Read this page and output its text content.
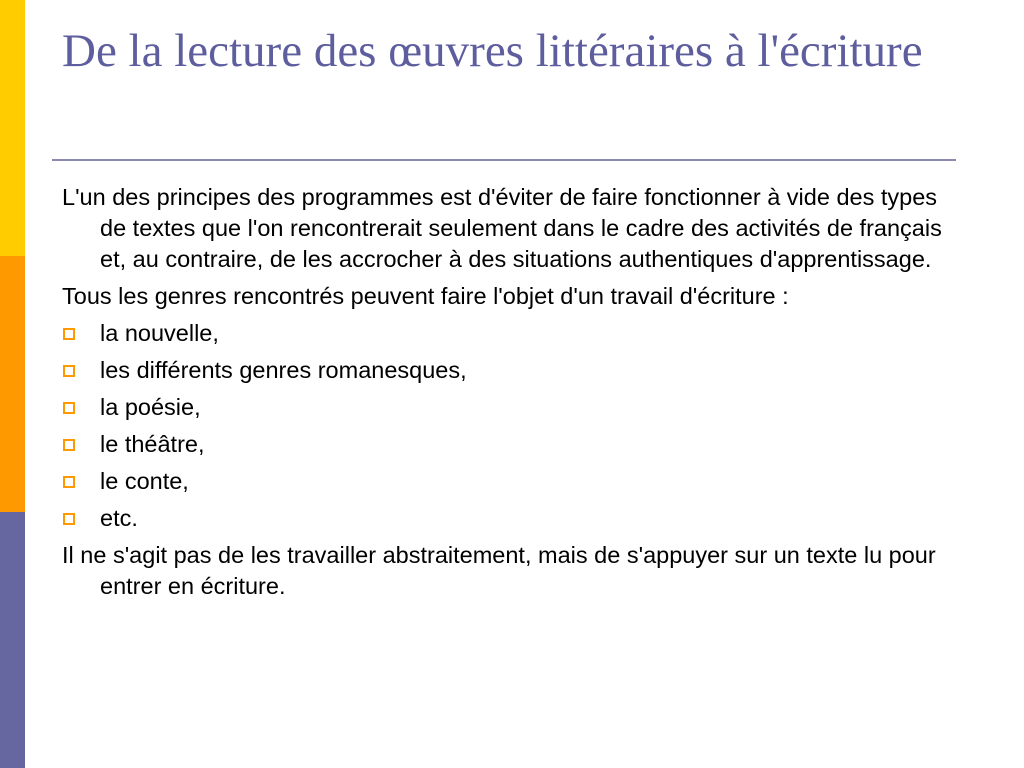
De la lecture des œuvres littéraires à l'écriture

L'un des principes des programmes est d'éviter de faire fonctionner à vide des types de textes que l'on rencontrerait seulement dans le cadre des activités de français et, au contraire, de les accrocher à des situations authentiques d'apprentissage.

Tous les genres rencontrés peuvent faire l'objet d'un travail d'écriture :

la nouvelle,
les différents genres romanesques,
la poésie,
le théâtre,
le conte,
etc.

Il ne s'agit pas de les travailler abstraitement, mais de s'appuyer sur un texte lu pour entrer en écriture.
